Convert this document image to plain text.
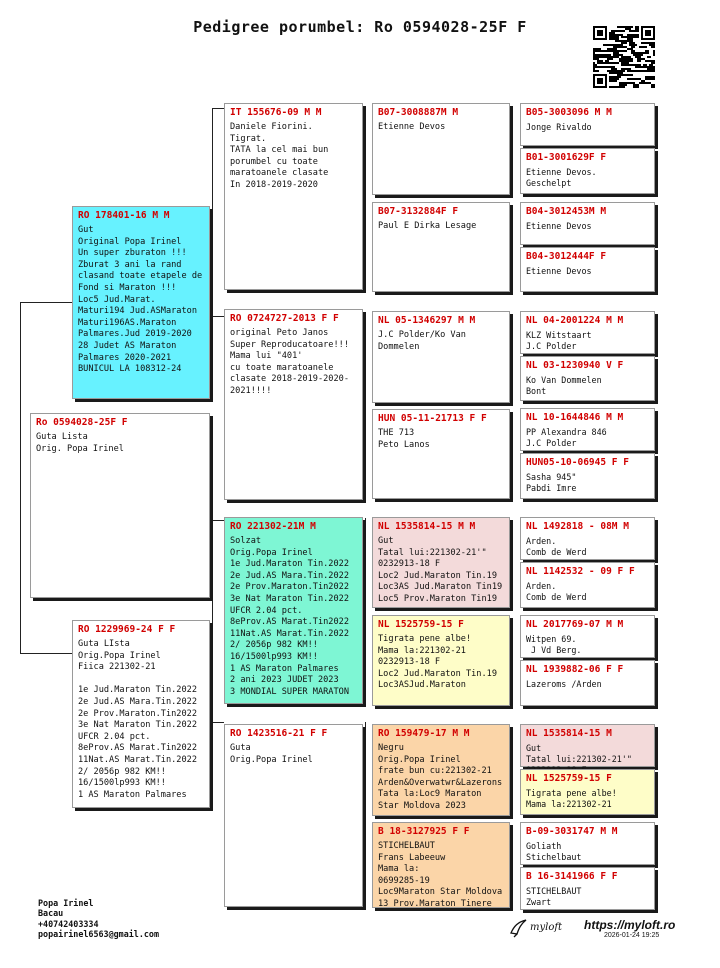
Pedigree porumbel: Ro 0594028-25F F
Ro 0594028-25F F
Guta Lista
Orig. Popa Irinel
RO 178401-16 M M
Gut
Original Popa Irinel
Un super zburaton !!!
Zburat 3 ani la rand clasand toate etapele de Fond si Maraton !!!
Loc5 Jud.Marat. Maturi194 Jud.ASMaraton Maturi196AS.Maraton Palmares.Jud 2019-2020
28 Judet AS Maraton Palmares 2020-2021
BUNICUL LA 108312-24
RO 1229969-24 F F
Guta LIsta
Orig.Popa Irinel
Fiica 221302-21

1e Jud.Maraton Tin.2022
2e Jud.AS Mara.Tin.2022
2e Prov.Maraton.Tin2022
3e Nat Maraton Tin.2022
UFCR 2.04 pct.
8eProv.AS Marat.Tin2022
11Nat.AS Marat.Tin.2022
2/ 2056p 982 KM!!
16/1500lp993 KM!!
1 AS Maraton Palmares
IT 155676-09 M M
Daniele Fiorini.
Tigrat.
TATA la cel mai bun porumbel cu toate maratoanele clasate
In 2018-2019-2020
RO 0724727-2013 F F
original Peto Janos
Super Reproducatoare!!!
Mama lui "401'
cu toate maratoanele clasate 2018-2019-2020-2021!!!!
RO 221302-21M M
Solzat
Orig.Popa Irinel
1e Jud.Maraton Tin.2022
2e Jud.AS Mara.Tin.2022
2e Prov.Maraton.Tin2022
3e Nat Maraton Tin.2022
UFCR 2.04 pct.
8eProv.AS Marat.Tin2022
11Nat.AS Marat.Tin.2022
2/ 2056p 982 KM!!
16/1500lp993 KM!!
1 AS Maraton Palmares
2 ani 2023 JUDET 2023
3 MONDIAL SUPER MARATON
RO 1423516-21 F F
Guta
Orig.Popa Irinel
B07-3008887M M
Etienne Devos
B07-3132884F F
Paul E Dirka Lesage
NL 05-1346297 M M
J.C Polder/Ko Van Dommelen
HUN 05-11-21713 F F
THE 713
Peto Lanos
NL 1535814-15 M M
Gut
Tatal lui:221302-21'"
0232913-18 F
Loc2 Jud.Maraton Tin.19
Loc3AS Jud.Maraton Tin19
Loc5 Prov.Maraton Tin19
NL 1525759-15 F
Tigrata pene albe!
Mama la:221302-21
0232913-18 F
Loc2 Jud.Maraton Tin.19
Loc3ASJud.Maraton
RO 159479-17 M M
Negru
Orig.Popa Irinel
frate bun cu:221302-21
Arden&Overwatwr&Lazerons
Tata la:Loc9 Maraton
Star Moldova 2023
B 18-3127925 F F
STICHELBAUT
Frans Labeeuw
Mama la:
0699285-19
Loc9Maraton Star Moldova
13 Prov.Maraton Tinere
B05-3003096 M M
Jonge Rivaldo
B01-3001629F F
Etienne Devos.
Geschelpt
B04-3012453M M
Etienne Devos
B04-3012444F F
Etienne Devos
NL 04-2001224 M M
KLZ Witstaart
J.C Polder
NL 03-1230940 V F
Ko Van Dommelen
Bont
NL 10-1644846 M M
PP Alexandra 846
J.C Polder
HUN05-10-06945 F F
Sasha 945"
Pabdi Imre
NL 1492818 - 08M M
Arden.
Comb de Werd
NL 1142532 - 09 F F
Arden.
Comb de Werd
NL 2017769-07 M M
Witpen 69.
J Vd Berg.
NL 1939882-06 F F
Lazeroms /Arden
NL 1535814-15 M
Gut
Tatal lui:221302-21'"

NL 1525759-15 F
Tigrata pene albe!
Mama la:221302-21
B-09-3031747 M M
Goliath
Stichelbaut
B 16-3141966 F F
STICHELBAUT
Zwart
Popa Irinel
Bacau
+40742403334
popairinel6563@gmail.com
myloft https://myloft.ro
2026-01-24 19:25
